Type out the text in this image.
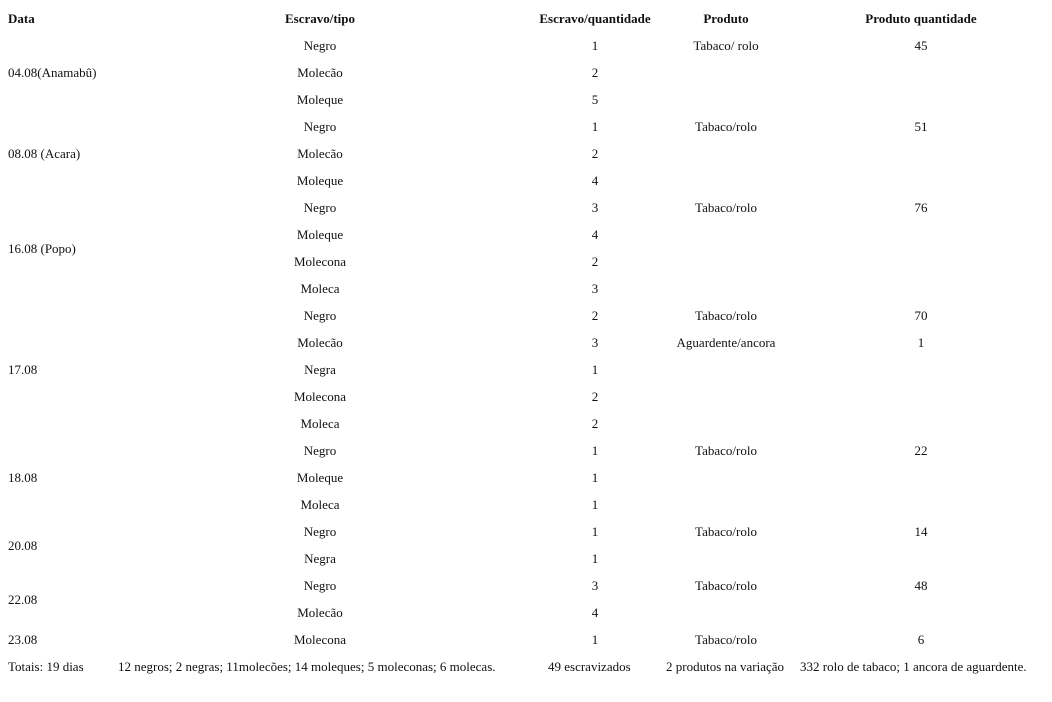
Data	Escravo/tipo	Escravo/quantidade	Produto	Produto quantidade
04.08(Anamabû)	Negro	1	Tabaco/ rolo	45
	Molecão	2		
	Moleque	5		
08.08 (Acara)	Negro	1	Tabaco/rolo	51
	Molecão	2		
	Moleque	4		
16.08 (Popo)	Negro	3	Tabaco/rolo	76
	Moleque	4		
	Molecona	2		
	Moleca	3		
17.08	Negro	2	Tabaco/rolo	70
	Molecão	3	Aguardente/ancora	1
	Negra	1		
	Molecona	2		
	Moleca	2		
18.08	Negro	1	Tabaco/rolo	22
	Moleque	1		
	Moleca	1		
20.08	Negro	1	Tabaco/rolo	14
	Negra	1		
22.08	Negro	3	Tabaco/rolo	48
	Molecão	4		
23.08	Molecona	1	Tabaco/rolo	6
Totais: 19 dias	12 negros; 2 negras; 11molecões; 14 moleques; 5 moleconas; 6 molecas.	49 escravizados	2 produtos na variação	332 rolo de tabaco; 1 ancora de aguardente.
